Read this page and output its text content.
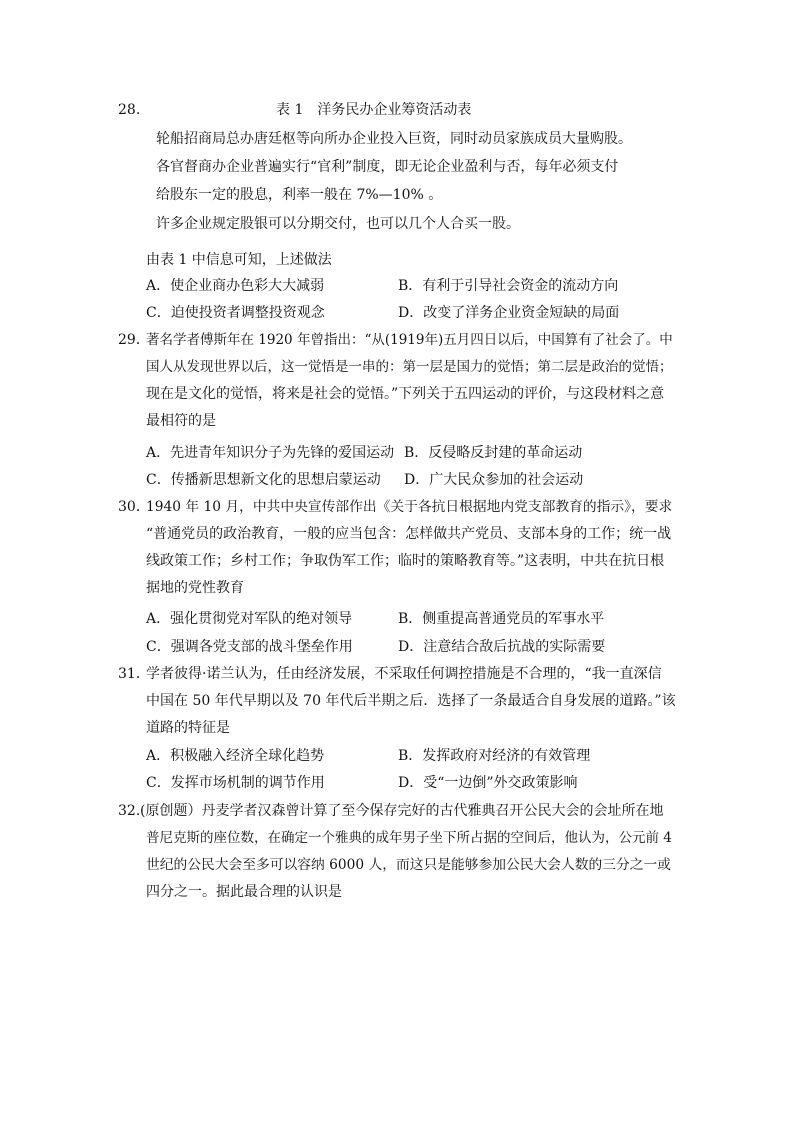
28.	表 1　洋务民办企业筹资活动表
轮船招商局总办唐廷枢等向所办企业投入巨资，同时动员家族成员大量购股。
各官督商办企业普遍实行“官利”制度，即无论企业盈利与否，每年必须支付
给股东一定的股息，利率一般在 7%—10% 。
许多企业规定股银可以分期交付，也可以几个人合买一股。
由表 1 中信息可知，上述做法
A．使企业商办色彩大大减弱	B．有利于引导社会资金的流动方向
C．迫使投资者调整投资观念	D．改变了洋务企业资金短缺的局面
29．
著名学者傅斯年在 1920 年曾指出：“从(1919年)五月四日以后，中国算有了社会了。中
国人从发现世界以后，这一觉悟是一串的：第一层是国力的觉悟；第二层是政治的觉悟；
现在是文化的觉悟，将来是社会的觉悟。”下列关于五四运动的评价，与这段材料之意
最相符的是
A．先进青年知识分子为先锋的爱国运动 B．反侵略反封建的革命运动
C．传播新思想新文化的思想启蒙运动 D．广大民众参加的社会运动
30．
1940 年 10 月，中共中央宣传部作出《关于各抗日根据地内党支部教育的指示》，要求
“普通党员的政治教育，一般的应当包含：怎样做共产党员、支部本身的工作；统一战
线政策工作；乡村工作；争取伪军工作；临时的策略教育等。”这表明，中共在抗日根
据地的党性教育
A．强化贯彻党对军队的绝对领导	B．侧重提高普通党员的军事水平
C．强调各党支部的战斗堡垒作用	D．注意结合敌后抗战的实际需要
31．
学者彼得·诺兰认为，任由经济发展，不采取任何调控措施是不合理的，“我一直深信
中国在 50 年代早期以及 70 年代后半期之后．选择了一条最适合自身发展的道路。”该
道路的特征是
A．积极融入经济全球化趋势	B．发挥政府对经济的有效管理
C．发挥市场机制的调节作用	D．受“一边倒”外交政策影响
32. (原创题）丹麦学者汉森曾计算了至今保存完好的古代雅典召开公民大会的会址所在地
普尼克斯的座位数，在确定一个雅典的成年男子坐下所占据的空间后，他认为，公元前 4
世纪的公民大会至多可以容纳 6000 人，而这只是能够参加公民大会人数的三分之一或
四分之一。据此最合理的认识是
